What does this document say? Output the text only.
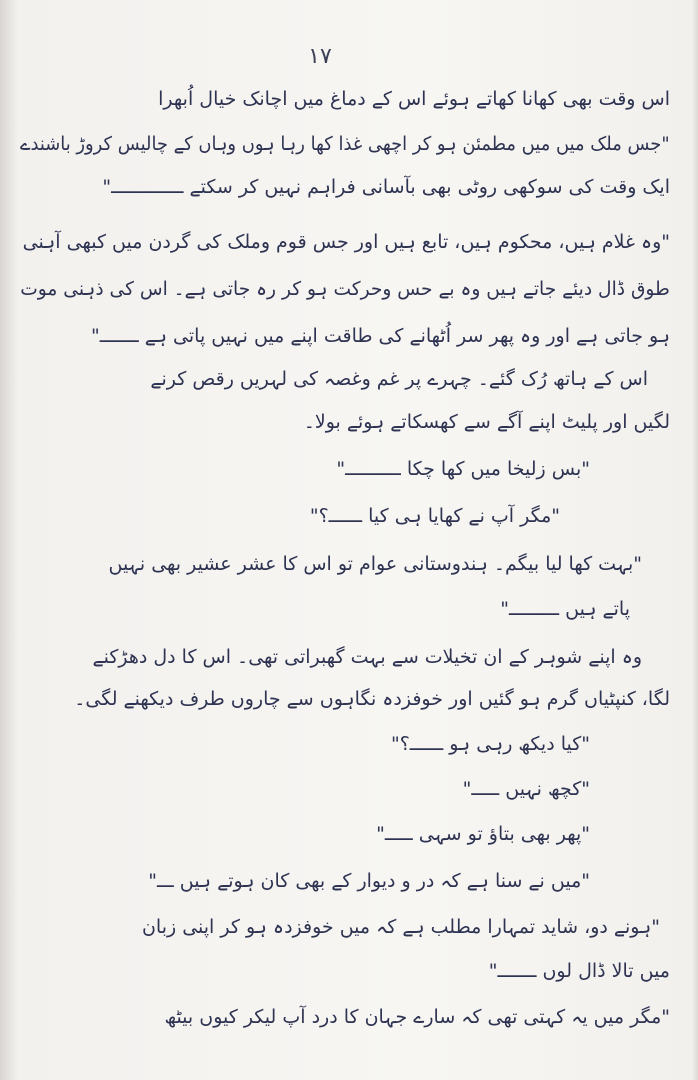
۱۷
اس وقت بھی کھانا کھاتے ہوئے اس کے دماغ میں اچانک خیال اُبھرا
"جس ملک میں میں مطمئن ہو کر اچھی غذا کھا رہا ہوں وہاں کے چالیس کروڑ باشندے
ایک وقت کی سوکھی روٹی بھی بآسانی فراہم نہیں کر سکتے ـــــــــــــ"
"وہ غلام ہیں، محکوم ہیں، تابع ہیں اور جس قوم وملک کی گردن میں کبھی آہنی
طوق ڈال دیئے جاتے ہیں وہ بے حس وحرکت ہو کر رہ جاتی ہے۔ اس کی ذہنی موت
ہو جاتی ہے اور وہ پھر سر اُٹھانے کی طاقت اپنے میں نہیں پاتی ہے ـــــــ"
اس کے ہاتھ رُک گئے۔ چہرے پر غم وغصہ کی لہریں رقص کرنے
لگیں اور پلیٹ اپنے آگے سے کھسکاتے ہوئے بولا۔
"بس زلیخا میں کھا چکا ــــــــــ"
"مگر آپ نے کھایا ہی کیا ــــــ؟"
"بہت کھا لیا بیگم۔ ہندوستانی عوام تو اس کا عشر عشیر بھی نہیں
پاتے ہیں ـــــــــ"
وہ اپنے شوہر کے ان تخیلات سے بہت گھبراتی تھی۔ اس کا دل دھڑکنے
لگا، کنپٹیاں گرم ہو گئیں اور خوفزدہ نگاہوں سے چاروں طرف دیکھنے لگی۔
"کیا دیکھ رہی ہو ــــــ؟"
"کچھ نہیں ـــــ"
"پھر بھی بتاؤ تو سہی ـــــ"
"میں نے سنا ہے کہ در و دیوار کے بھی کان ہوتے ہیں ـــ"
"ہونے دو، شاید تمہارا مطلب ہے کہ میں خوفزدہ ہو کر اپنی زبان
میں تالا ڈال لوں ـــــــ"
"مگر میں یہ کہتی تھی کہ سارے جہان کا درد آپ لیکر کیوں بیٹھ
